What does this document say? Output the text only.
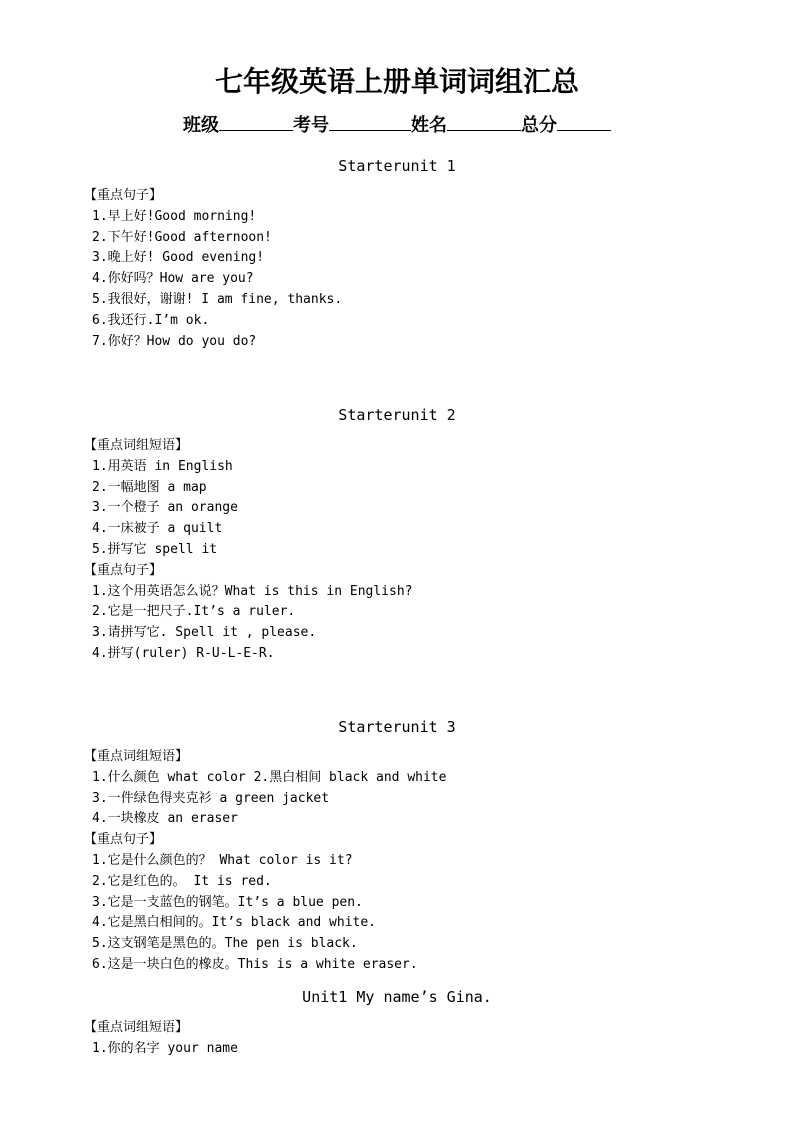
七年级英语上册单词词组汇总
班级	考号	姓名	总分
Starterunit 1
【重点句子】
1.早上好!Good morning!
2.下午好!Good afternoon!
3.晚上好! Good evening!
4.你好吗？How are you?
5.我很好，谢谢! I am fine, thanks.
6.我还行.I’m ok.
7.你好？How do you do?
Starterunit 2
【重点词组短语】
1.用英语 in English
2.一幅地图 a map
3.一个橙子 an orange
4.一床被子 a quilt
5.拼写它 spell it
【重点句子】
1.这个用英语怎么说？What is this in English?
2.它是一把尺子.It’s a ruler.
3.请拼写它. Spell it , please.
4.拼写(ruler) R-U-L-E-R.
Starterunit 3
【重点词组短语】
1.什么颜色 what color 2.黑白相间 black and white
3.一件绿色得夹克衫 a green jacket
4.一块橡皮 an eraser
【重点句子】
1.它是什么颜色的？ What color is it?
2.它是红色的。 It is red.
3.它是一支蓝色的钢笔。It’s a blue pen.
4.它是黑白相间的。It’s black and white.
5.这支钢笔是黑色的。The pen is black.
6.这是一块白色的橡皮。This is a white eraser.
Unit1 My name’s Gina.
【重点词组短语】
1.你的名字 your name
